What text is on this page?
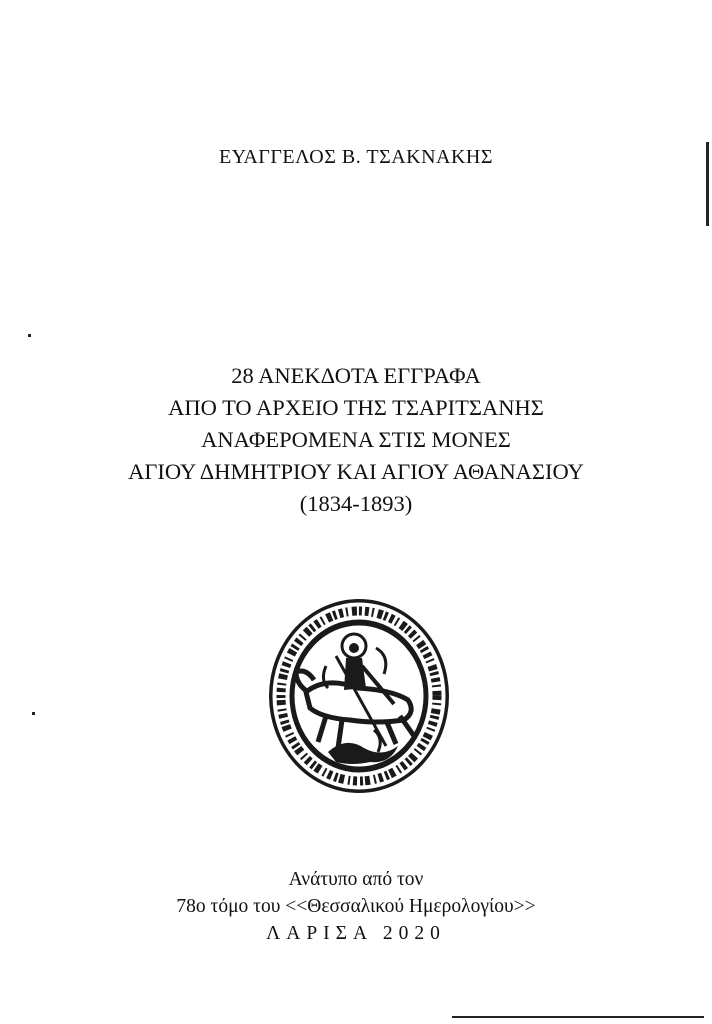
ΕΥΑΓΓΕΛΟΣ Β. ΤΣΑΚΝΑΚΗΣ
28 ΑΝΕΚΔΟΤΑ ΕΓΓΡΑΦΑ
ΑΠΟ ΤΟ ΑΡΧΕΙΟ ΤΗΣ ΤΣΑΡΙΤΣΑΝΗΣ
ΑΝΑΦΕΡΟΜΕΝΑ ΣΤΙΣ ΜΟΝΕΣ
ΑΓΙΟΥ ΔΗΜΗΤΡΙΟΥ ΚΑΙ ΑΓΙΟΥ ΑΘΑΝΑΣΙΟΥ
(1834-1893)
Ανάτυπο από τον
78ο τόμο του <<Θεσσαλικού Ημερολογίου>>
ΛΑΡΙΣΑ 2020
